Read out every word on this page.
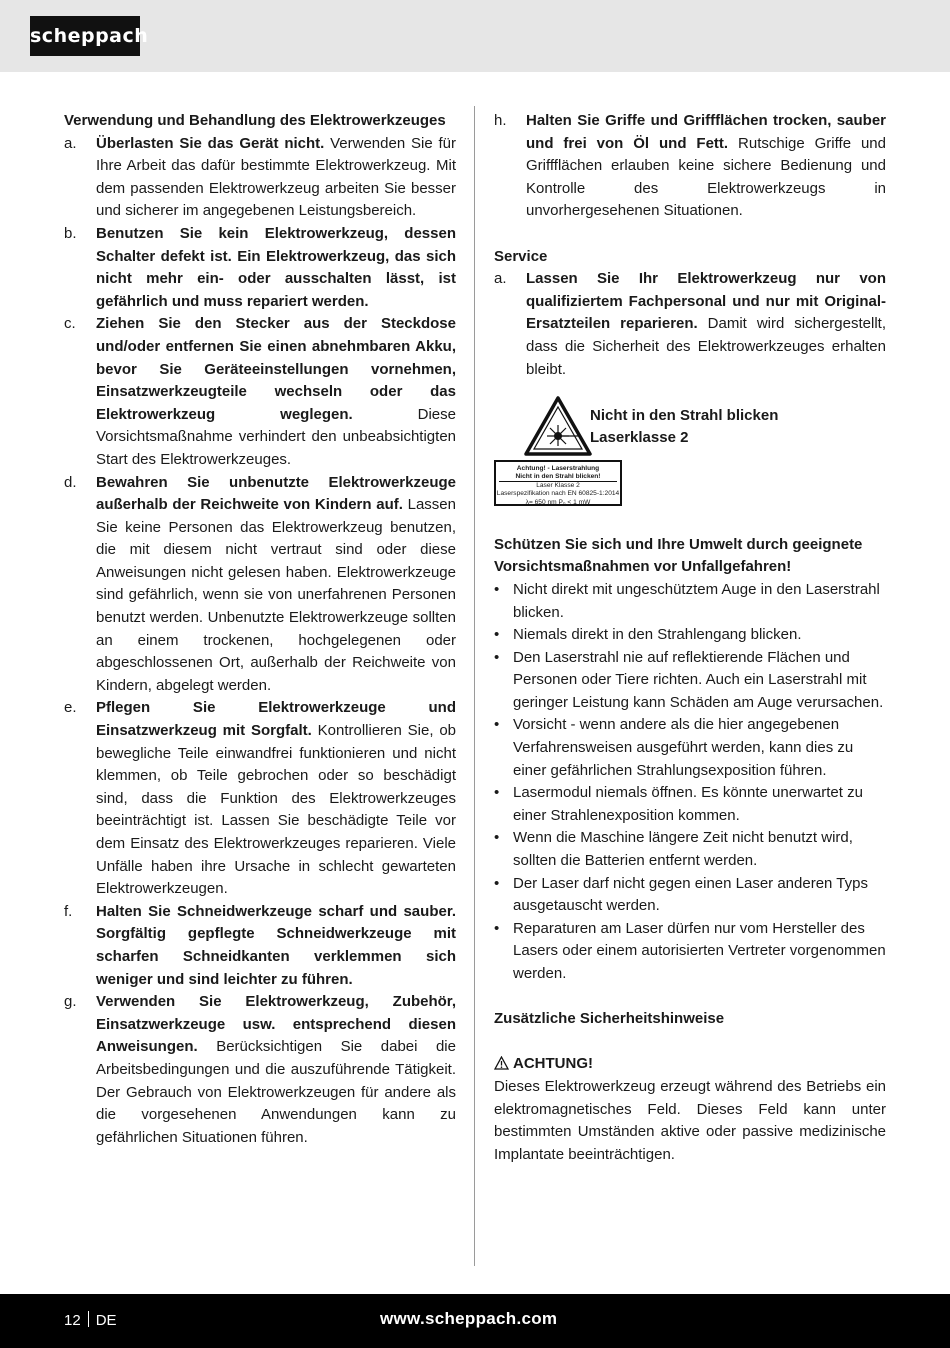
scheppach
Verwendung und Behandlung des Elektrowerkzeuges
a. Überlasten Sie das Gerät nicht. Verwenden Sie für Ihre Arbeit das dafür bestimmte Elektrowerkzeug. Mit dem passenden Elektrowerkzeug arbeiten Sie besser und sicherer im angegebenen Leistungsbereich.
b. Benutzen Sie kein Elektrowerkzeug, dessen Schalter defekt ist. Ein Elektrowerkzeug, das sich nicht mehr ein- oder ausschalten lässt, ist gefährlich und muss repariert werden.
c. Ziehen Sie den Stecker aus der Steckdose und/oder entfernen Sie einen abnehmbaren Akku, bevor Sie Geräteeinstellungen vornehmen, Einsatzwerkzeugteile wechseln oder das Elektrowerkzeug weglegen. Diese Vorsichtsmaßnahme verhindert den unbeabsichtigten Start des Elektrowerkzeuges.
d. Bewahren Sie unbenutzte Elektrowerkzeuge außerhalb der Reichweite von Kindern auf. Lassen Sie keine Personen das Elektrowerkzeug benutzen, die mit diesem nicht vertraut sind oder diese Anweisungen nicht gelesen haben. Elektrowerkzeuge sind gefährlich, wenn sie von unerfahrenen Personen benutzt werden. Unbenutzte Elektrowerkzeuge sollten an einem trockenen, hochgelegenen oder abgeschlossenen Ort, außerhalb der Reichweite von Kindern, abgelegt werden.
e. Pflegen Sie Elektrowerkzeuge und Einsatzwerkzeug mit Sorgfalt. Kontrollieren Sie, ob bewegliche Teile einwandfrei funktionieren und nicht klemmen, ob Teile gebrochen oder so beschädigt sind, dass die Funktion des Elektrowerkzeuges beeinträchtigt ist. Lassen Sie beschädigte Teile vor dem Einsatz des Elektrowerkzeuges reparieren. Viele Unfälle haben ihre Ursache in schlecht gewarteten Elektrowerkzeugen.
f. Halten Sie Schneidwerkzeuge scharf und sauber. Sorgfältig gepflegte Schneidwerkzeuge mit scharfen Schneidkanten verklemmen sich weniger und sind leichter zu führen.
g. Verwenden Sie Elektrowerkzeug, Zubehör, Einsatzwerkzeuge usw. entsprechend diesen Anweisungen. Berücksichtigen Sie dabei die Arbeitsbedingungen und die auszuführende Tätigkeit. Der Gebrauch von Elektrowerkzeugen für andere als die vorgesehenen Anwendungen kann zu gefährlichen Situationen führen.
h. Halten Sie Griffe und Griffflächen trocken, sauber und frei von Öl und Fett. Rutschige Griffe und Griffflächen erlauben keine sichere Bedienung und Kontrolle des Elektrowerkzeugs in unvorhergesehenen Situationen.
Service
a. Lassen Sie Ihr Elektrowerkzeug nur von qualifiziertem Fachpersonal und nur mit Original-Ersatzteilen reparieren. Damit wird sichergestellt, dass die Sicherheit des Elektrowerkzeuges erhalten bleibt.
Nicht in den Strahl blicken
Laserklasse 2
Achtung! - Laserstrahlung
Nicht in den Strahl blicken!
Laser Klasse 2
Laserspezifikation nach EN 60825-1:2014
λ= 650 nm P₀ < 1 mW
Schützen Sie sich und Ihre Umwelt durch geeignete Vorsichtsmaßnahmen vor Unfallgefahren!
• Nicht direkt mit ungeschütztem Auge in den Laserstrahl blicken.
• Niemals direkt in den Strahlengang blicken.
• Den Laserstrahl nie auf reflektierende Flächen und Personen oder Tiere richten. Auch ein Laserstrahl mit geringer Leistung kann Schäden am Auge verursachen.
• Vorsicht - wenn andere als die hier angegebenen Verfahrensweisen ausgeführt werden, kann dies zu einer gefährlichen Strahlungsexposition führen.
• Lasermodul niemals öffnen. Es könnte unerwartet zu einer Strahlenexposition kommen.
• Wenn die Maschine längere Zeit nicht benutzt wird, sollten die Batterien entfernt werden.
• Der Laser darf nicht gegen einen Laser anderen Typs ausgetauscht werden.
• Reparaturen am Laser dürfen nur vom Hersteller des Lasers oder einem autorisierten Vertreter vorgenommen werden.
Zusätzliche Sicherheitshinweise
ACHTUNG!
Dieses Elektrowerkzeug erzeugt während des Betriebs ein elektromagnetisches Feld. Dieses Feld kann unter bestimmten Umständen aktive oder passive medizinische Implantate beeinträchtigen.
12 DE	www.scheppach.com
